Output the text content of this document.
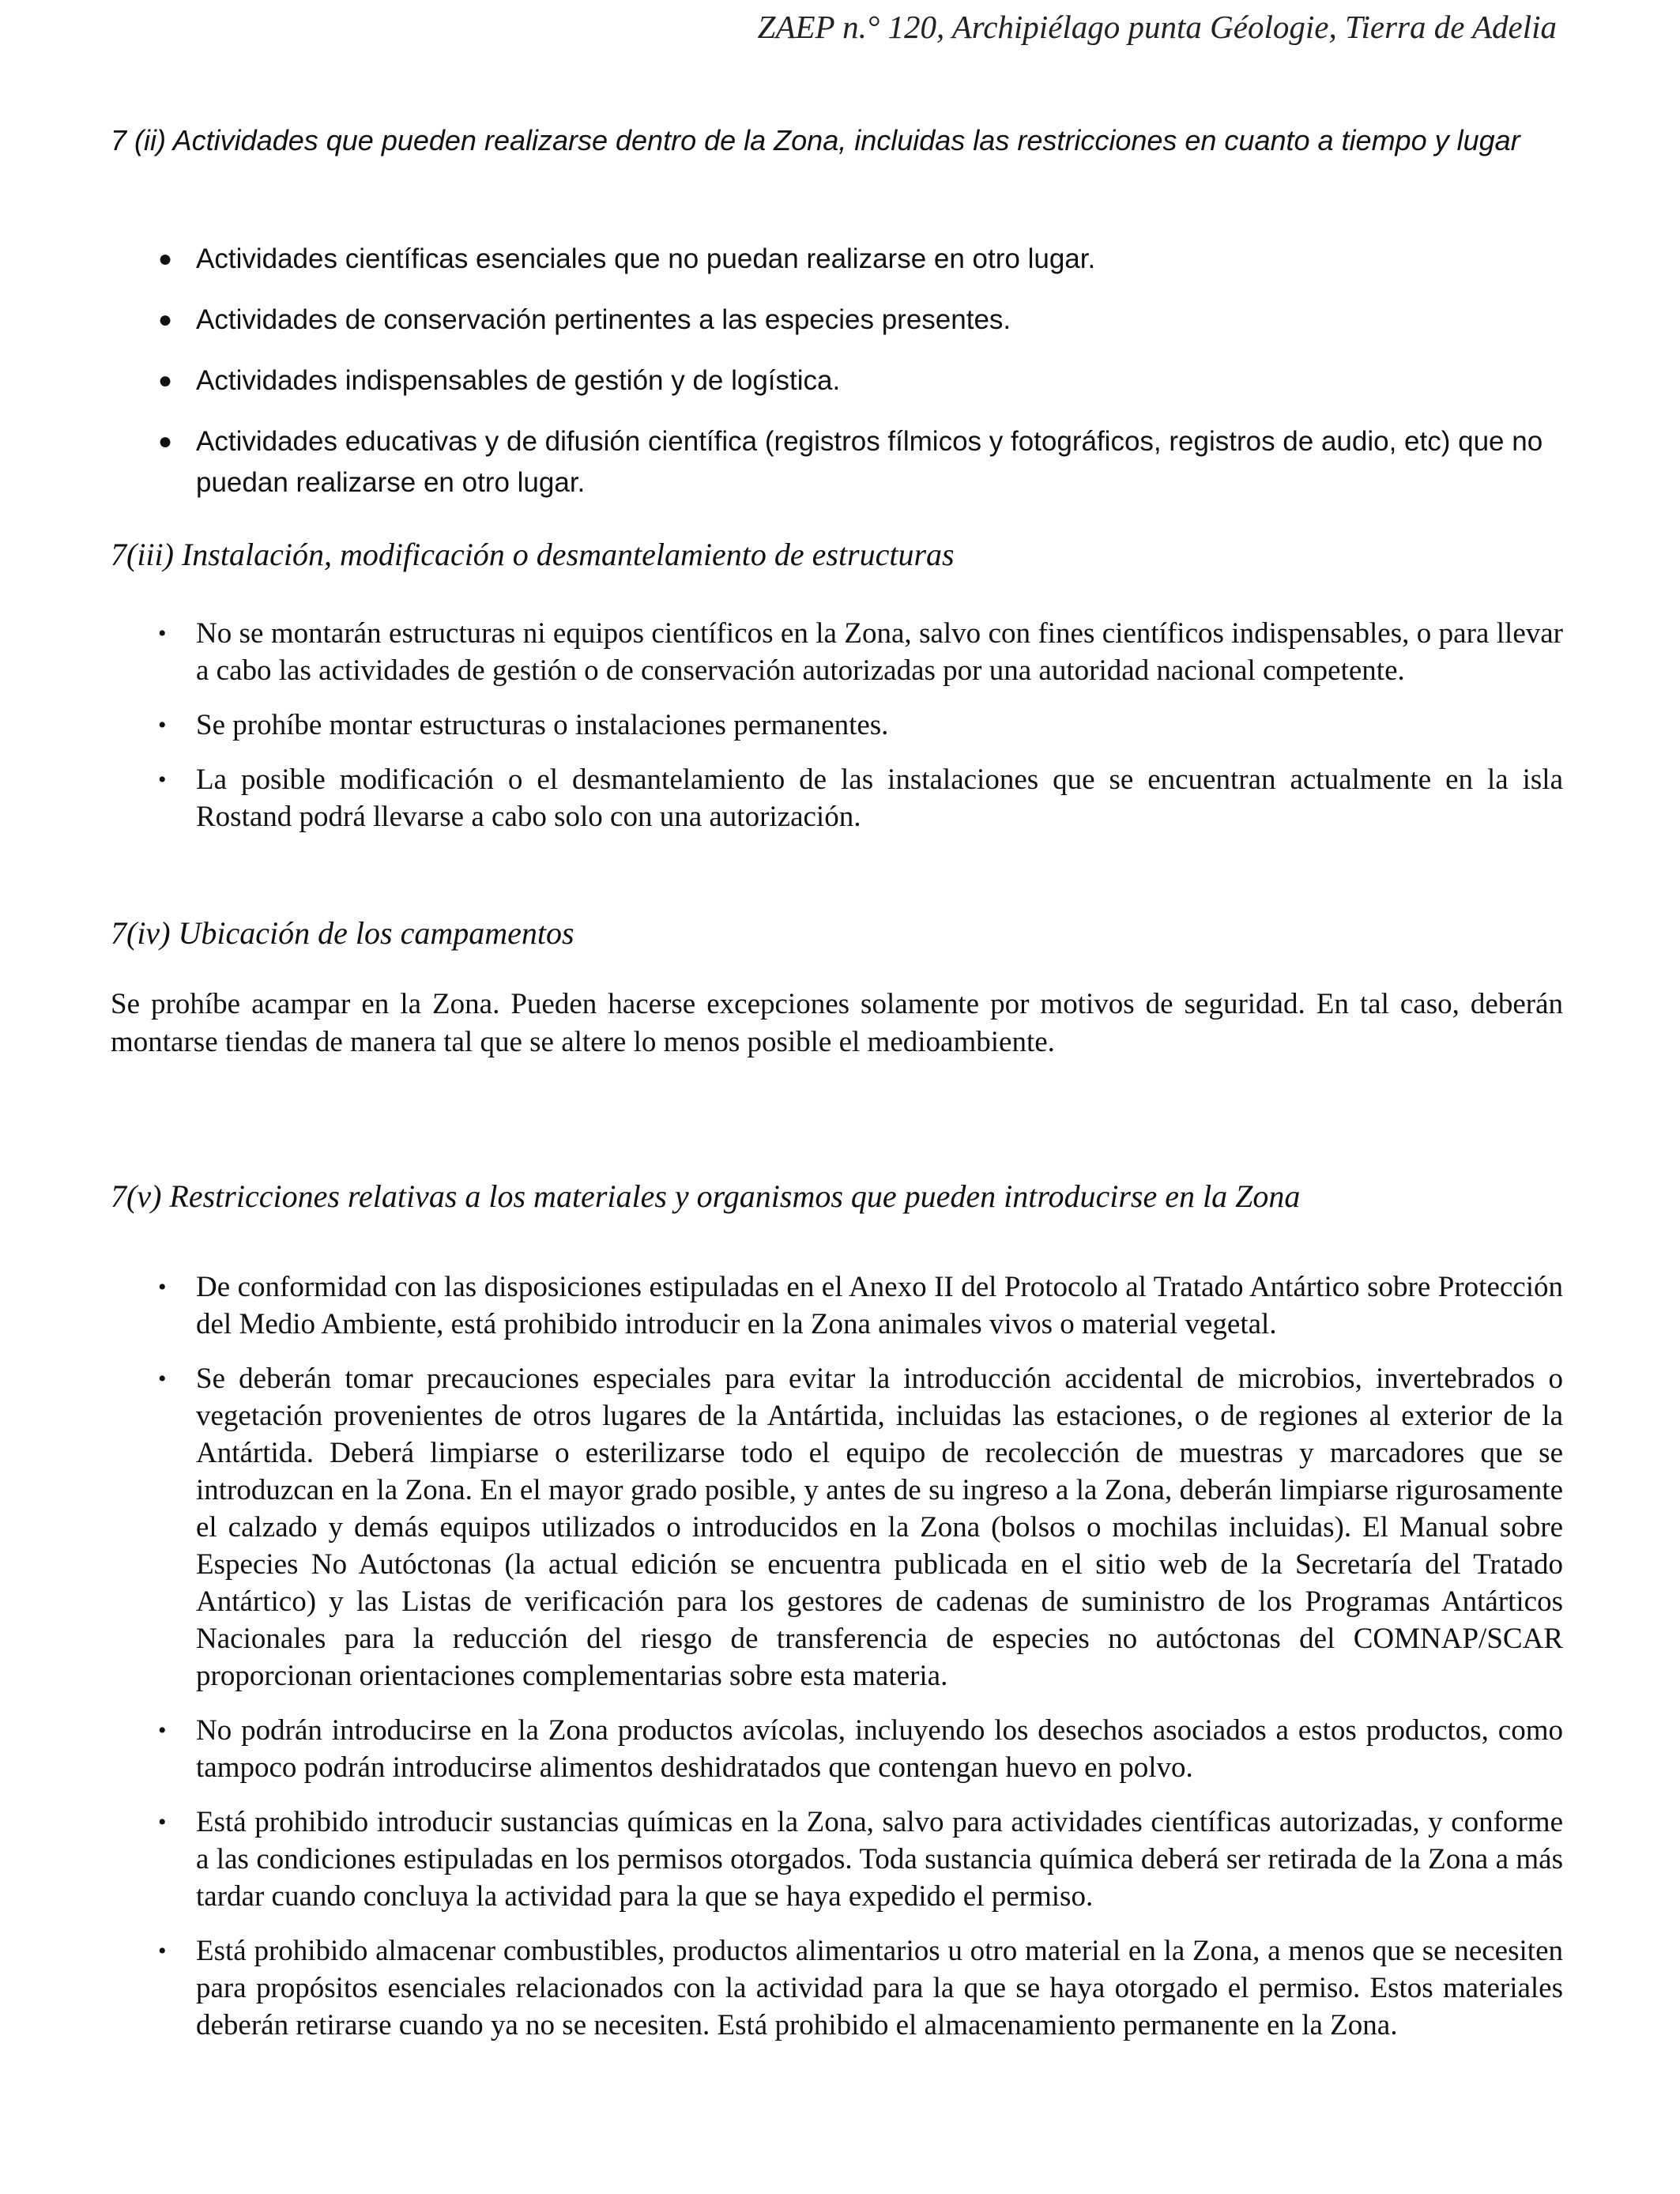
ZAEP n.° 120, Archipiélago punta Géologie, Tierra de Adelia
7 (ii) Actividades que pueden realizarse dentro de la Zona, incluidas las restricciones en cuanto a tiempo y lugar
● Actividades científicas esenciales que no puedan realizarse en otro lugar.
● Actividades de conservación pertinentes a las especies presentes.
● Actividades indispensables de gestión y de logística.
● Actividades educativas y de difusión científica (registros fílmicos y fotográficos, registros de audio, etc) que no puedan realizarse en otro lugar.
7(iii) Instalación, modificación o desmantelamiento de estructuras
• No se montarán estructuras ni equipos científicos en la Zona, salvo con fines científicos indispensables, o para llevar a cabo las actividades de gestión o de conservación autorizadas por una autoridad nacional competente.
• Se prohíbe montar estructuras o instalaciones permanentes.
• La posible modificación o el desmantelamiento de las instalaciones que se encuentran actualmente en la isla Rostand podrá llevarse a cabo solo con una autorización.
7(iv) Ubicación de los campamentos

Se prohíbe acampar en la Zona. Pueden hacerse excepciones solamente por motivos de seguridad. En tal caso, deberán montarse tiendas de manera tal que se altere lo menos posible el medioambiente.

7(v) Restricciones relativas a los materiales y organismos que pueden introducirse en la Zona
• De conformidad con las disposiciones estipuladas en el Anexo II del Protocolo al Tratado Antártico sobre Protección del Medio Ambiente, está prohibido introducir en la Zona animales vivos o material vegetal.
• Se deberán tomar precauciones especiales para evitar la introducción accidental de microbios, invertebrados o vegetación provenientes de otros lugares de la Antártida, incluidas las estaciones, o de regiones al exterior de la Antártida. Deberá limpiarse o esterilizarse todo el equipo de recolección de muestras y marcadores que se introduzcan en la Zona. En el mayor grado posible, y antes de su ingreso a la Zona, deberán limpiarse rigurosamente el calzado y demás equipos utilizados o introducidos en la Zona (bolsos o mochilas incluidas). El Manual sobre Especies No Autóctonas (la actual edición se encuentra publicada en el sitio web de la Secretaría del Tratado Antártico) y las Listas de verificación para los gestores de cadenas de suministro de los Programas Antárticos Nacionales para la reducción del riesgo de transferencia de especies no autóctonas del COMNAP/SCAR proporcionan orientaciones complementarias sobre esta materia.
• No podrán introducirse en la Zona productos avícolas, incluyendo los desechos asociados a estos productos, como tampoco podrán introducirse alimentos deshidratados que contengan huevo en polvo.
• Está prohibido introducir sustancias químicas en la Zona, salvo para actividades científicas autorizadas, y conforme a las condiciones estipuladas en los permisos otorgados. Toda sustancia química deberá ser retirada de la Zona a más tardar cuando concluya la actividad para la que se haya expedido el permiso.
• Está prohibido almacenar combustibles, productos alimentarios u otro material en la Zona, a menos que se necesiten para propósitos esenciales relacionados con la actividad para la que se haya otorgado el permiso. Estos materiales deberán retirarse cuando ya no se necesiten. Está prohibido el almacenamiento permanente en la Zona.
